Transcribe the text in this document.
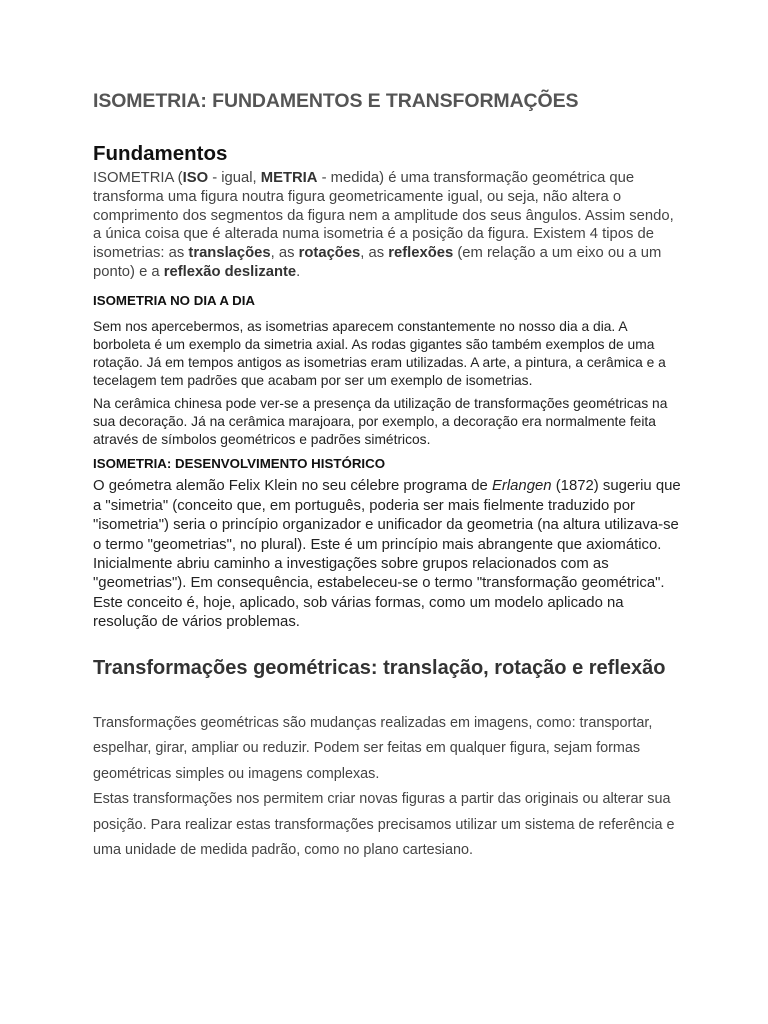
ISOMETRIA: FUNDAMENTOS E TRANSFORMAÇÕES
Fundamentos

ISOMETRIA (ISO - igual, METRIA - medida) é uma transformação geométrica que transforma uma figura noutra figura geometricamente igual, ou seja, não altera o comprimento dos segmentos da figura nem a amplitude dos seus ângulos. Assim sendo, a única coisa que é alterada numa isometria é a posição da figura. Existem 4 tipos de isometrias: as translações, as rotações, as reflexões (em relação a um eixo ou a um ponto) e a reflexão deslizante.

ISOMETRIA NO DIA A DIA

Sem nos apercebermos, as isometrias aparecem constantemente no nosso dia a dia. A borboleta é um exemplo da simetria axial. As rodas gigantes são também exemplos de uma rotação. Já em tempos antigos as isometrias eram utilizadas. A arte, a pintura, a cerâmica e a tecelagem tem padrões que acabam por ser um exemplo de isometrias.

Na cerâmica chinesa pode ver-se a presença da utilização de transformações geométricas na sua decoração. Já na cerâmica marajoara, por exemplo, a decoração era normalmente feita através de símbolos geométricos e padrões simétricos.

ISOMETRIA: DESENVOLVIMENTO HISTÓRICO

O geómetra alemão Felix Klein no seu célebre programa de Erlangen (1872) sugeriu que a "simetria" (conceito que, em português, poderia ser mais fielmente traduzido por "isometria") seria o princípio organizador e unificador da geometria (na altura utilizava-se o termo "geometrias", no plural). Este é um princípio mais abrangente que axiomático. Inicialmente abriu caminho a investigações sobre grupos relacionados com as "geometrias"). Em consequência, estabeleceu-se o termo "transformação geométrica". Este conceito é, hoje, aplicado, sob várias formas, como um modelo aplicado na resolução de vários problemas.

Transformações geométricas: translação, rotação e reflexão

Transformações geométricas são mudanças realizadas em imagens, como: transportar, espelhar, girar, ampliar ou reduzir. Podem ser feitas em qualquer figura, sejam formas geométricas simples ou imagens complexas.
Estas transformações nos permitem criar novas figuras a partir das originais ou alterar sua posição. Para realizar estas transformações precisamos utilizar um sistema de referência e uma unidade de medida padrão, como no plano cartesiano.
